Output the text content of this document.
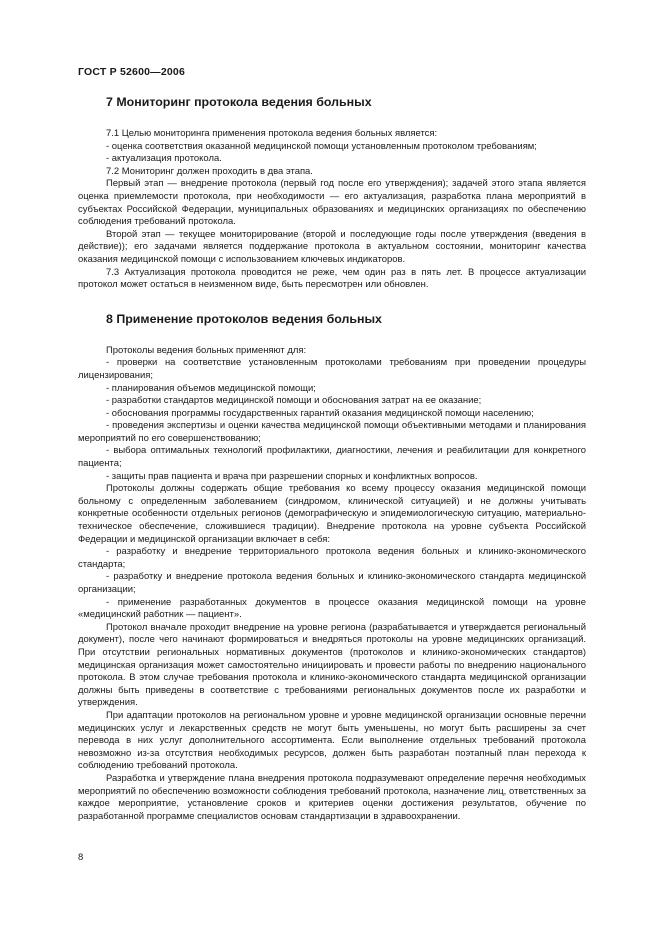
ГОСТ Р 52600—2006
7 Мониторинг протокола ведения больных

7.1 Целью мониторинга применения протокола ведения больных является:

- оценка соответствия оказанной медицинской помощи установленным протоколом требованиям;

- актуализация протокола.

7.2 Мониторинг должен проходить в два этапа.

Первый этап — внедрение протокола (первый год после его утверждения); задачей этого этапа является оценка приемлемости протокола, при необходимости — его актуализация, разработка плана мероприятий в субъектах Российской Федерации, муниципальных образованиях и медицинских организациях по обеспечению соблюдения требований протокола.

Второй этап — текущее мониторирование (второй и последующие годы после утверждения (введения в действие)); его задачами является поддержание протокола в актуальном состоянии, мониторинг качества оказания медицинской помощи с использованием ключевых индикаторов.

7.3 Актуализация протокола проводится не реже, чем один раз в пять лет. В процессе актуализации протокол может остаться в неизменном виде, быть пересмотрен или обновлен.

8 Применение протоколов ведения больных

Протоколы ведения больных применяют для:

- проверки на соответствие установленным протоколами требованиям при проведении процедуры лицензирования;

- планирования объемов медицинской помощи;

- разработки стандартов медицинской помощи и обоснования затрат на ее оказание;

- обоснования программы государственных гарантий оказания медицинской помощи населению;

- проведения экспертизы и оценки качества медицинской помощи объективными методами и планирования мероприятий по его совершенствованию;

- выбора оптимальных технологий профилактики, диагностики, лечения и реабилитации для конкретного пациента;

- защиты прав пациента и врача при разрешении спорных и конфликтных вопросов.

Протоколы должны содержать общие требования ко всему процессу оказания медицинской помощи больному с определенным заболеванием (синдромом, клинической ситуацией) и не должны учитывать конкретные особенности отдельных регионов (демографическую и эпидемиологическую ситуацию, материально-техническое обеспечение, сложившиеся традиции). Внедрение протокола на уровне субъекта Российской Федерации и медицинской организации включает в себя:

- разработку и внедрение территориального протокола ведения больных и клинико-экономического стандарта;

- разработку и внедрение протокола ведения больных и клинико-экономического стандарта медицинской организации;

- применение разработанных документов в процессе оказания медицинской помощи на уровне «медицинский работник — пациент».

Протокол вначале проходит внедрение на уровне региона (разрабатывается и утверждается региональный документ), после чего начинают формироваться и внедряться протоколы на уровне медицинских организаций. При отсутствии региональных нормативных документов (протоколов и клинико-экономических стандартов) медицинская организация может самостоятельно инициировать и провести работы по внедрению национального протокола. В этом случае требования протокола и клинико-экономического стандарта медицинской организации должны быть приведены в соответствие с требованиями региональных документов после их разработки и утверждения.

При адаптации протоколов на региональном уровне и уровне медицинской организации основные перечни медицинских услуг и лекарственных средств не могут быть уменьшены, но могут быть расширены за счет перевода в них услуг дополнительного ассортимента. Если выполнение отдельных требований протокола невозможно из-за отсутствия необходимых ресурсов, должен быть разработан поэтапный план перехода к соблюдению требований протокола.

Разработка и утверждение плана внедрения протокола подразумевают определение перечня необходимых мероприятий по обеспечению возможности соблюдения требований протокола, назначение лиц, ответственных за каждое мероприятие, установление сроков и критериев оценки достижения результатов, обучение по разработанной программе специалистов основам стандартизации в здравоохранении.

8
